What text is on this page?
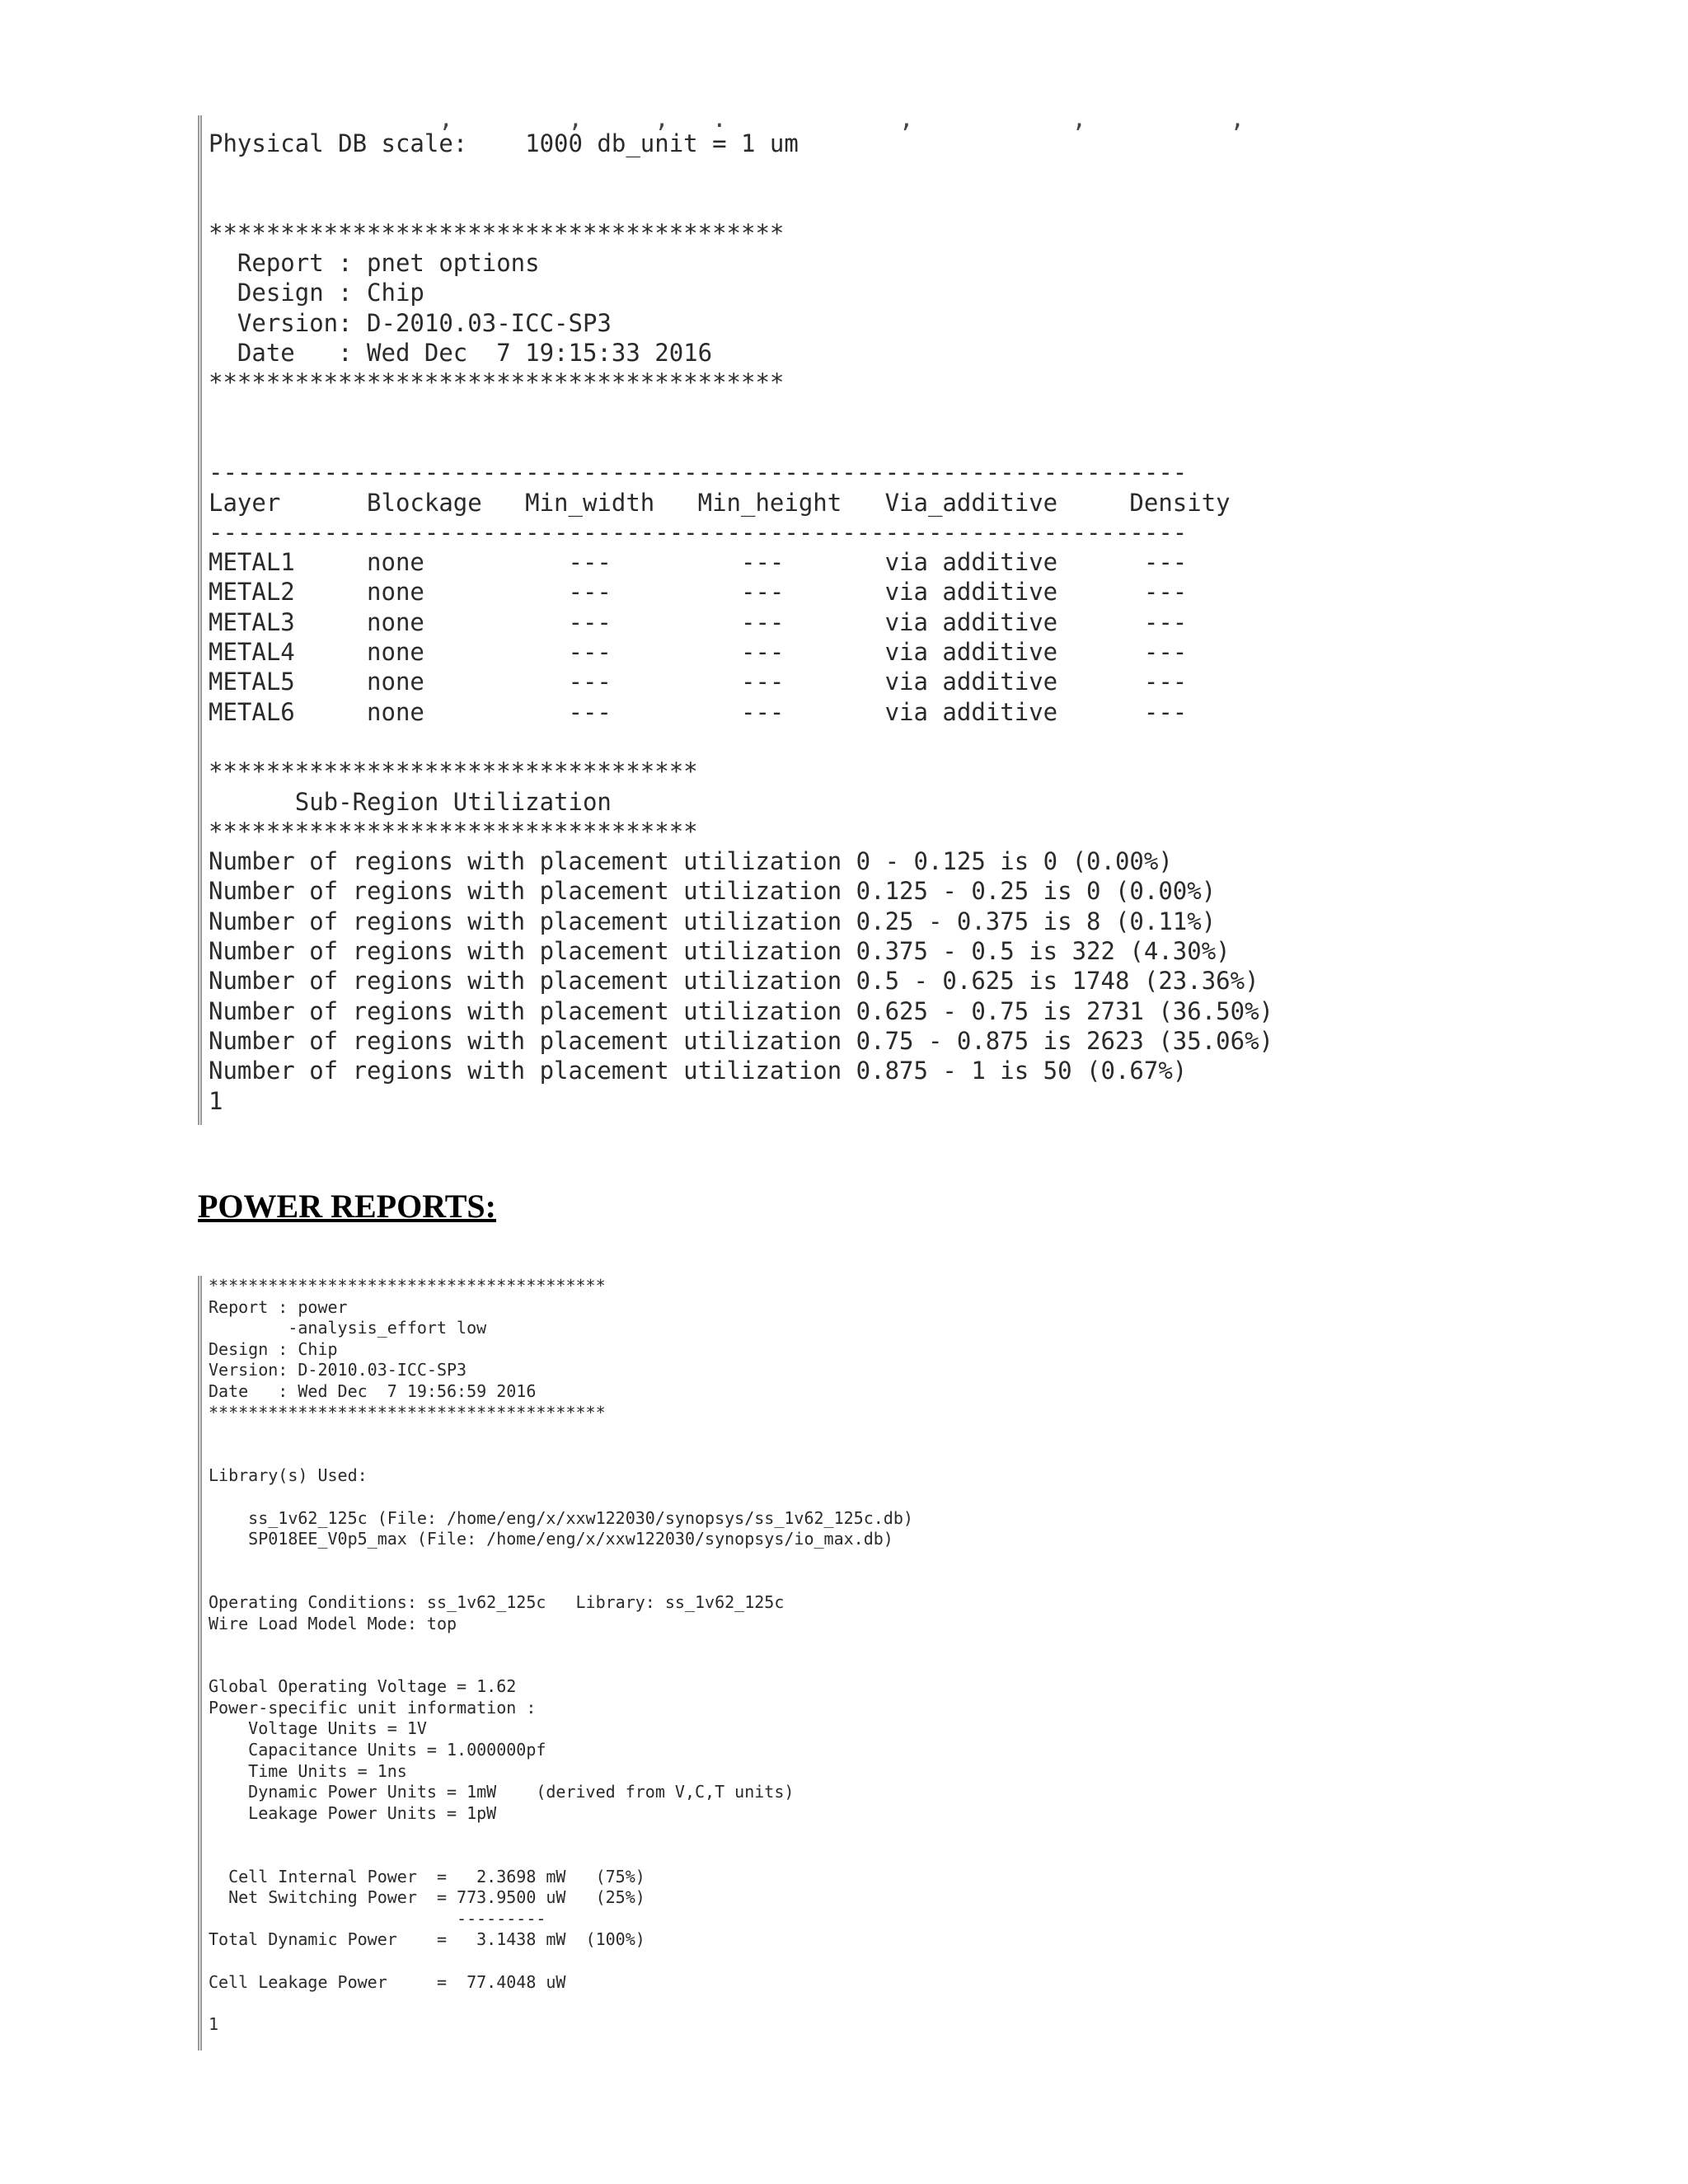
,        ,     ,   .            ,           ,          ,
Physical DB scale:    1000 db_unit = 1 um

****************************************
Report : pnet options
Design : Chip
Version: D-2010.03-ICC-SP3
Date   : Wed Dec  7 19:15:33 2016
****************************************

--------------------------------------------------------------------
Layer      Blockage   Min_width   Min_height   Via_additive     Density
--------------------------------------------------------------------
METAL1     none          ---         ---       via additive      ---
METAL2     none          ---         ---       via additive      ---
METAL3     none          ---         ---       via additive      ---
METAL4     none          ---         ---       via additive      ---
METAL5     none          ---         ---       via additive      ---
METAL6     none          ---         ---       via additive      ---

**********************************
Sub-Region Utilization
**********************************
Number of regions with placement utilization 0 - 0.125 is 0 (0.00%)
Number of regions with placement utilization 0.125 - 0.25 is 0 (0.00%)
Number of regions with placement utilization 0.25 - 0.375 is 8 (0.11%)
Number of regions with placement utilization 0.375 - 0.5 is 322 (4.30%)
Number of regions with placement utilization 0.5 - 0.625 is 1748 (23.36%)
Number of regions with placement utilization 0.625 - 0.75 is 2731 (36.50%)
Number of regions with placement utilization 0.75 - 0.875 is 2623 (35.06%)
Number of regions with placement utilization 0.875 - 1 is 50 (0.67%)
1
POWER REPORTS:
****************************************
Report : power
-analysis_effort low
Design : Chip
Version: D-2010.03-ICC-SP3
Date   : Wed Dec  7 19:56:59 2016
****************************************

Library(s) Used:

ss_1v62_125c (File: /home/eng/x/xxw122030/synopsys/ss_1v62_125c.db)
SP018EE_V0p5_max (File: /home/eng/x/xxw122030/synopsys/io_max.db)

Operating Conditions: ss_1v62_125c   Library: ss_1v62_125c
Wire Load Model Mode: top

Global Operating Voltage = 1.62
Power-specific unit information :
Voltage Units = 1V
Capacitance Units = 1.000000pf
Time Units = 1ns
Dynamic Power Units = 1mW    (derived from V,C,T units)
Leakage Power Units = 1pW

Cell Internal Power  =   2.3698 mW   (75%)
Net Switching Power  = 773.9500 uW   (25%)
---------
Total Dynamic Power    =   3.1438 mW  (100%)

Cell Leakage Power     =  77.4048 uW

1
